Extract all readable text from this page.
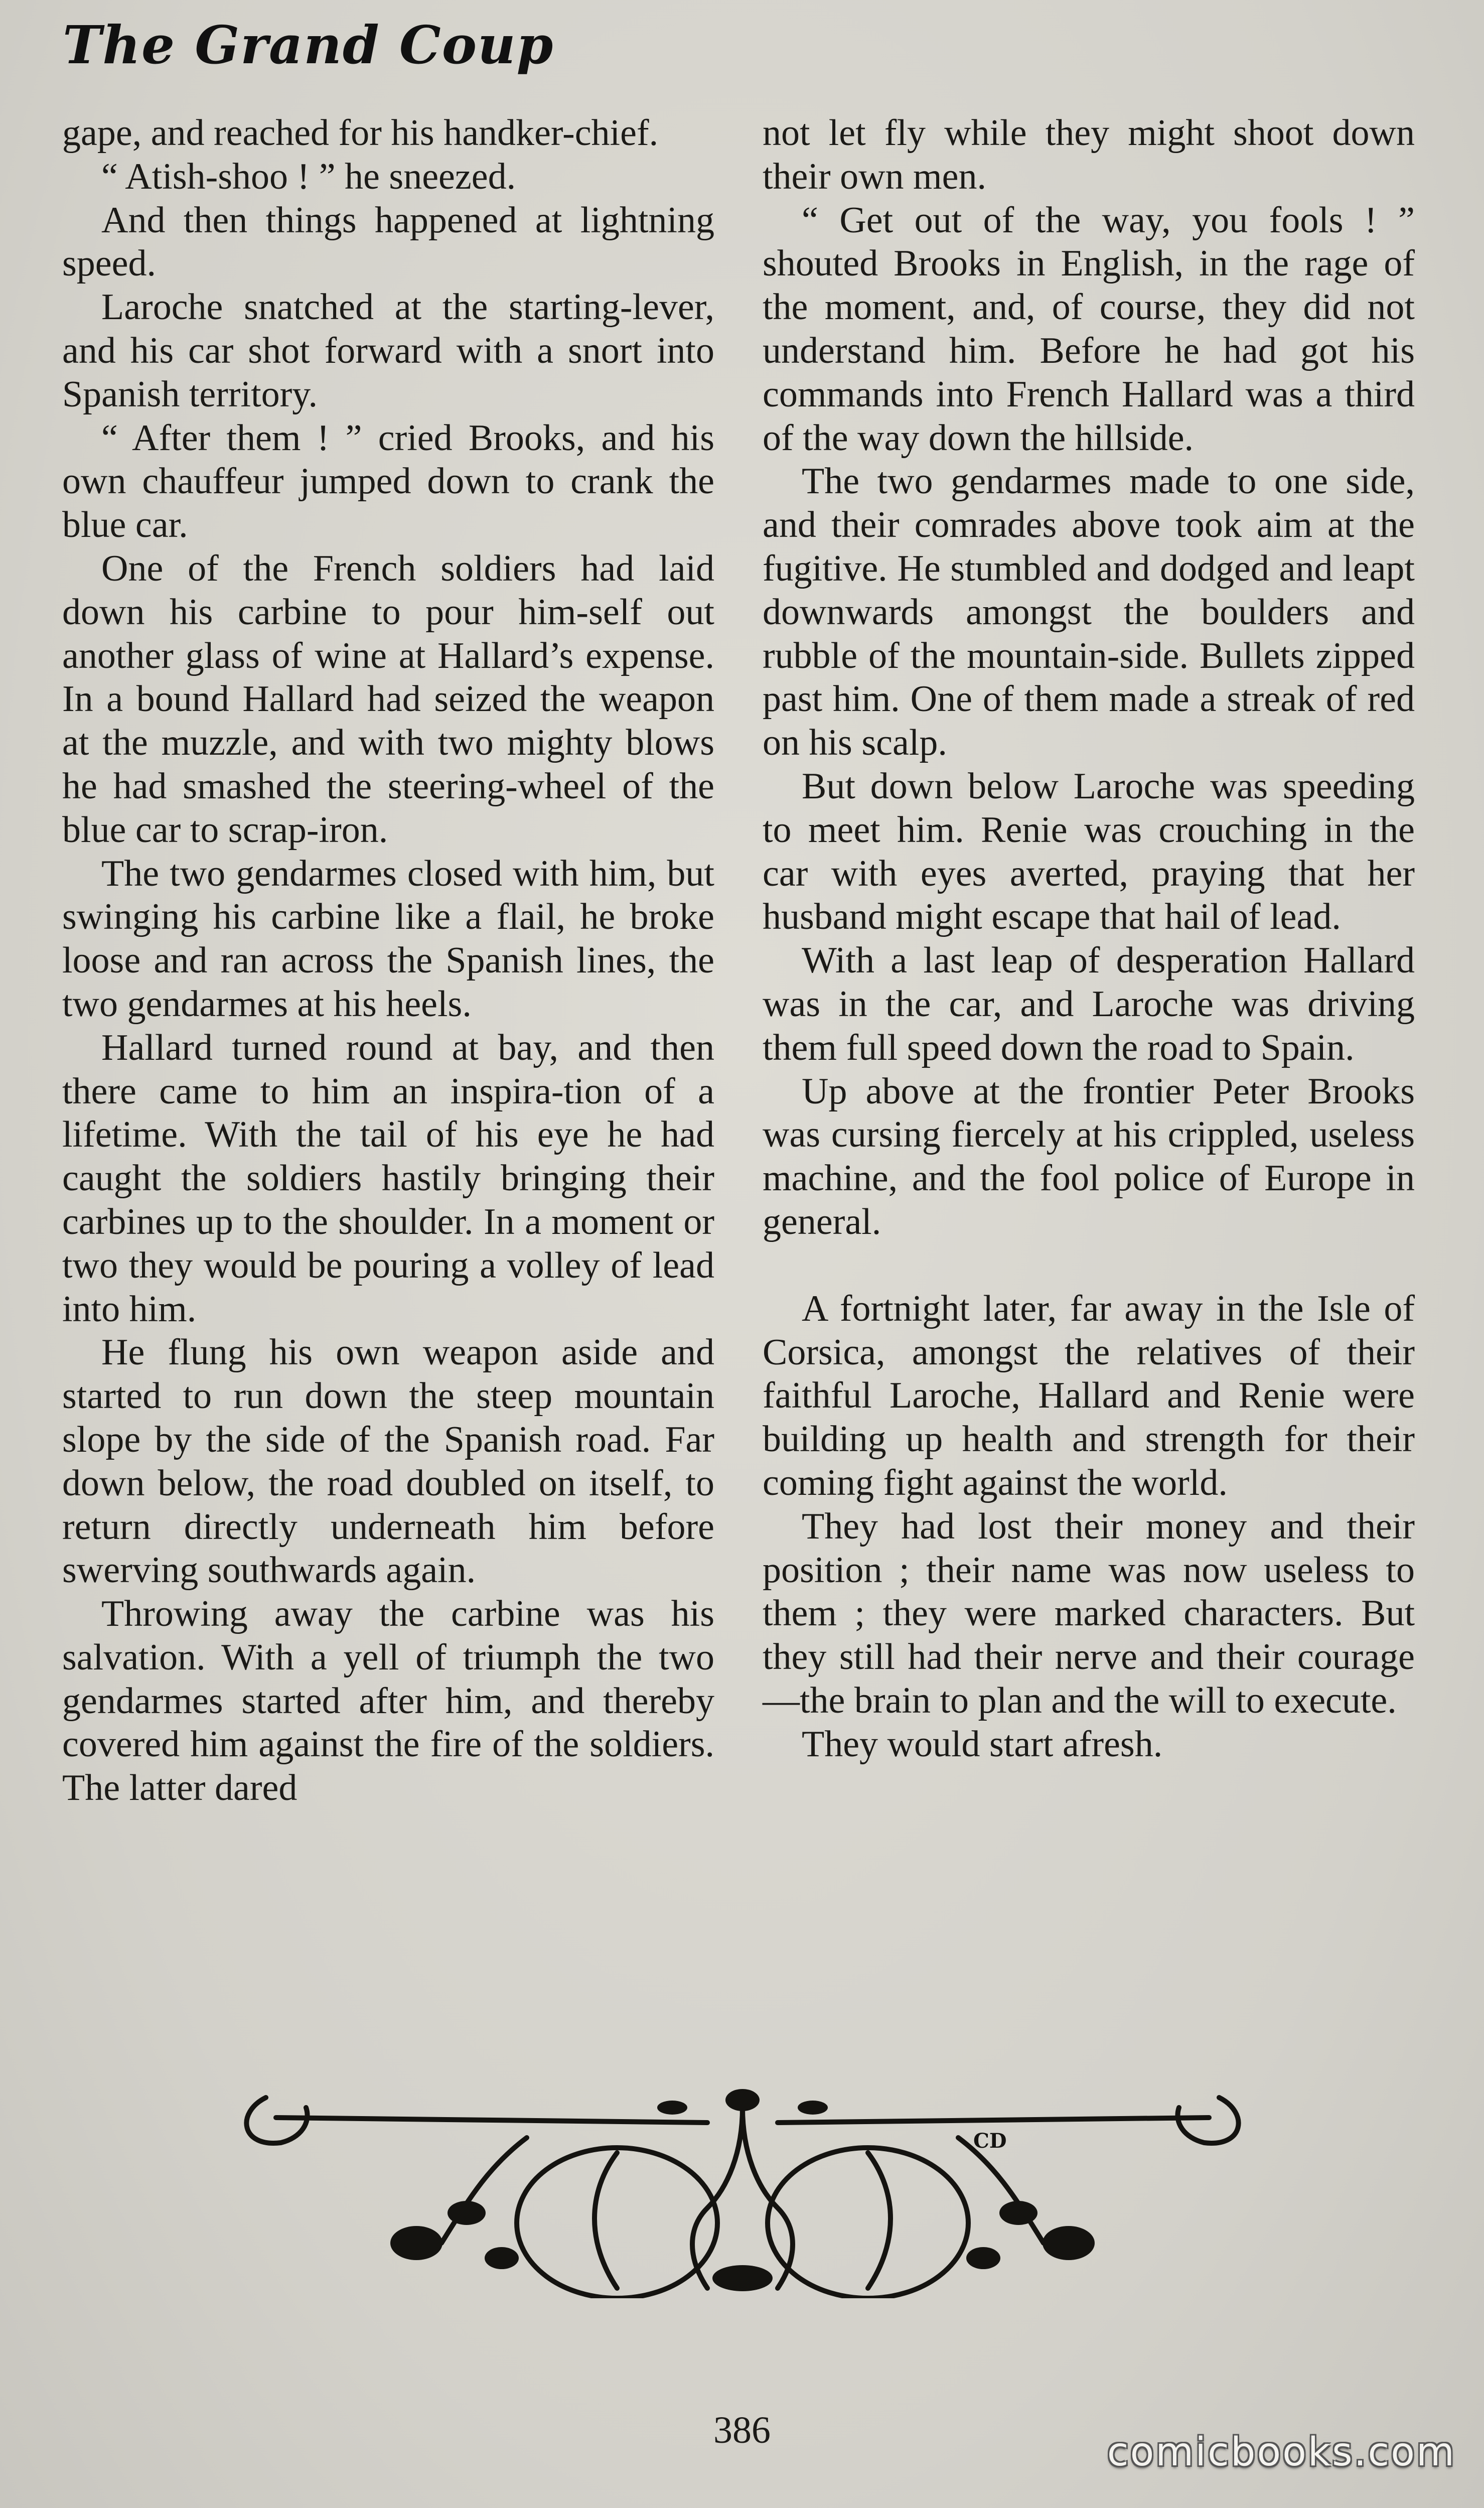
The Grand Coup

gape, and reached for his handker-chief.

“ Atish-shoo ! ” he sneezed.

And then things happened at lightning speed.

Laroche snatched at the starting-lever, and his car shot forward with a snort into Spanish territory.

“ After them ! ” cried Brooks, and his own chauffeur jumped down to crank the blue car.

One of the French soldiers had laid down his carbine to pour him-self out another glass of wine at Hallard’s expense. In a bound Hallard had seized the weapon at the muzzle, and with two mighty blows he had smashed the steering-wheel of the blue car to scrap-iron.

The two gendarmes closed with him, but swinging his carbine like a flail, he broke loose and ran across the Spanish lines, the two gendarmes at his heels.

Hallard turned round at bay, and then there came to him an inspira-tion of a lifetime. With the tail of his eye he had caught the soldiers hastily bringing their carbines up to the shoulder. In a moment or two they would be pouring a volley of lead into him.

He flung his own weapon aside and started to run down the steep mountain slope by the side of the Spanish road. Far down below, the road doubled on itself, to return directly underneath him before swerving southwards again.

Throwing away the carbine was his salvation. With a yell of triumph the two gendarmes started after him, and thereby covered him against the fire of the soldiers. The latter dared

not let fly while they might shoot down their own men.

“ Get out of the way, you fools ! ” shouted Brooks in English, in the rage of the moment, and, of course, they did not understand him. Before he had got his commands into French Hallard was a third of the way down the hillside.

The two gendarmes made to one side, and their comrades above took aim at the fugitive. He stumbled and dodged and leapt downwards amongst the boulders and rubble of the mountain-side. Bullets zipped past him. One of them made a streak of red on his scalp.

But down below Laroche was speeding to meet him. Renie was crouching in the car with eyes averted, praying that her husband might escape that hail of lead.

With a last leap of desperation Hallard was in the car, and Laroche was driving them full speed down the road to Spain.

Up above at the frontier Peter Brooks was cursing fiercely at his crippled, useless machine, and the fool police of Europe in general.

A fortnight later, far away in the Isle of Corsica, amongst the relatives of their faithful Laroche, Hallard and Renie were building up health and strength for their coming fight against the world.

They had lost their money and their position ; their name was now useless to them ; they were marked characters. But they still had their nerve and their courage—the brain to plan and the will to execute.

They would start afresh.

CD
386	comicbooks.com
